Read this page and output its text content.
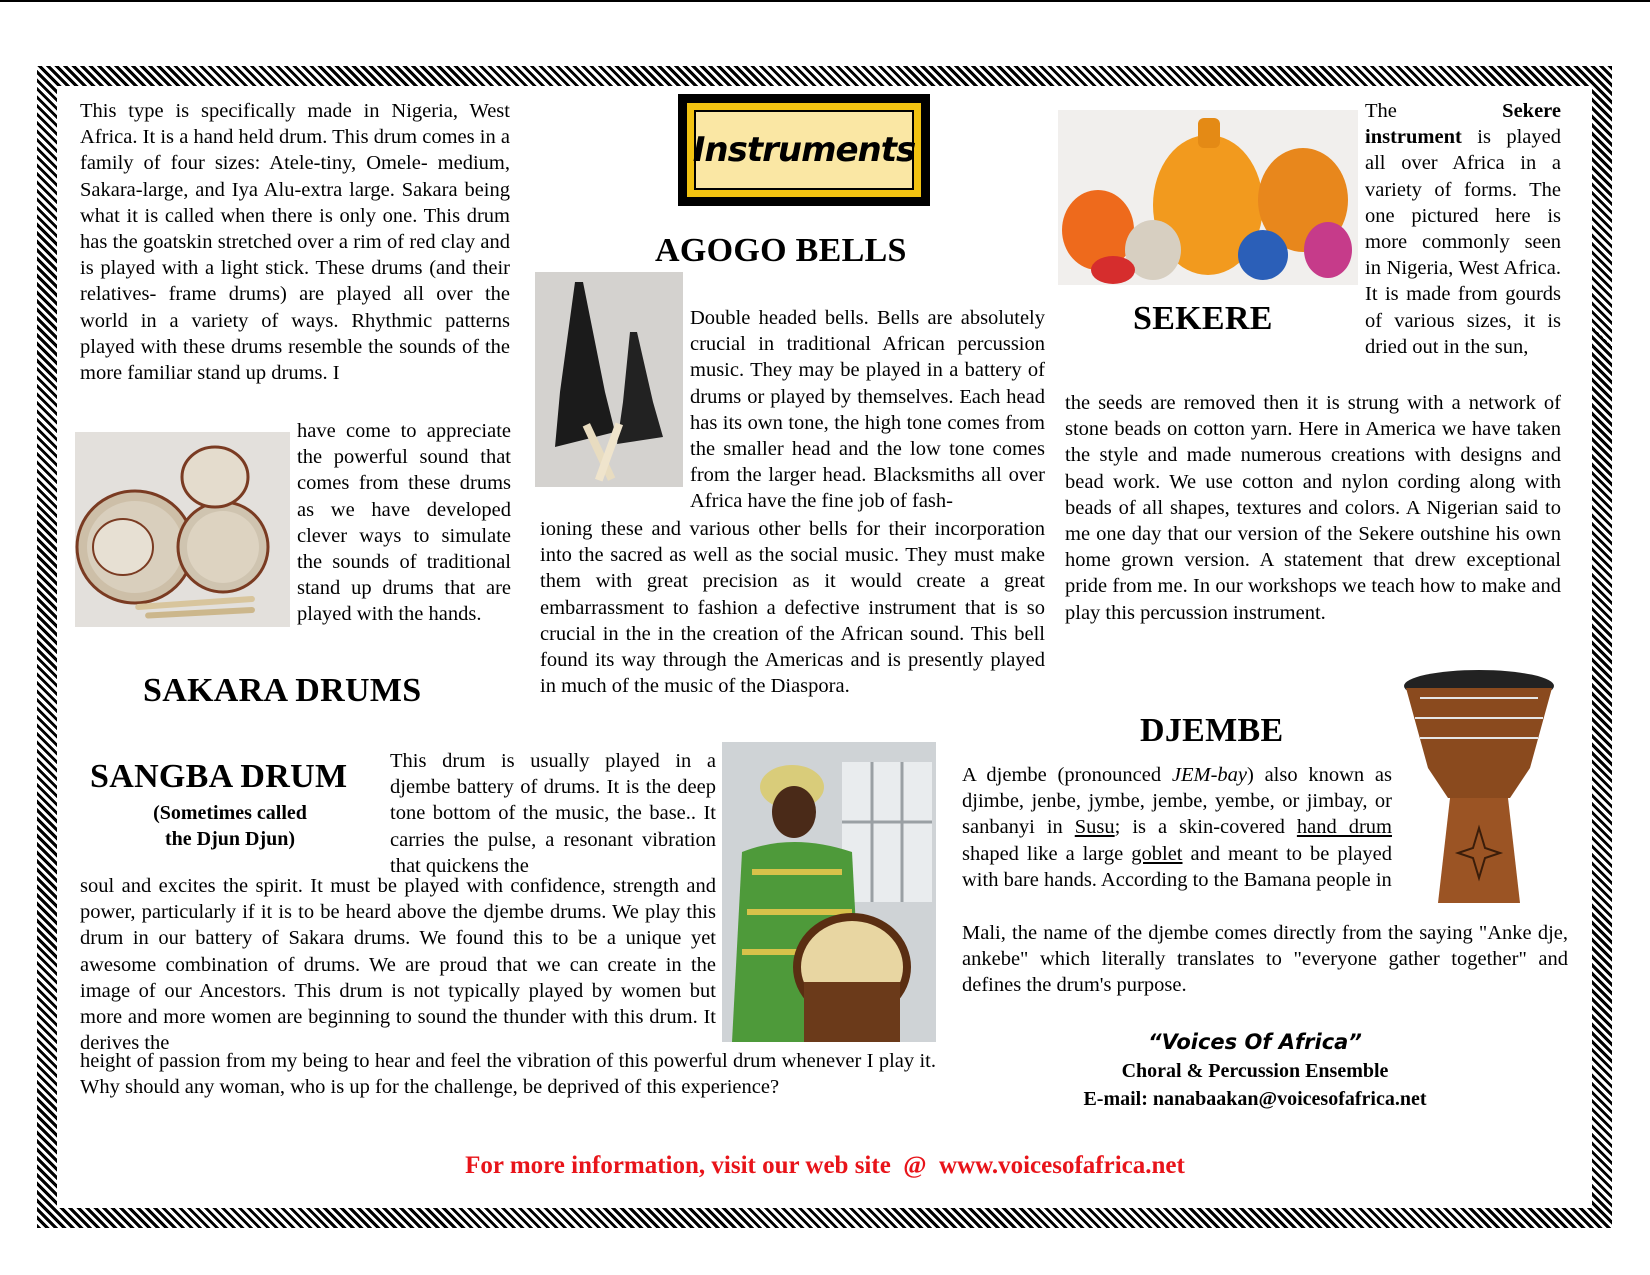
This type is specifically made in Nigeria, West Africa. It is a hand held drum. This drum comes in a family of four sizes: Atele-tiny, Omele- medium, Sakara-large, and Iya Alu-extra large. Sakara being what it is called when there is only one. This drum has the goatskin stretched over a rim of red clay and is played with a light stick. These drums (and their relatives- frame drums) are played all over the world in a variety of ways. Rhythmic patterns played with these drums resemble the sounds of the more familiar stand up drums. I

have come to appreciate the powerful sound that comes from these drums as we have developed clever ways to simulate the sounds of traditional stand up drums that are played with the hands.

SAKARA DRUMS
Instruments
AGOGO BELLS

Double headed bells. Bells are absolutely crucial in traditional African percussion music. They may be played in a battery of drums or played by themselves. Each head has its own tone, the high tone comes from the smaller head and the low tone comes from the larger head. Blacksmiths all over Africa have the fine job of fash-

ioning these and various other bells for their incorporation into the sacred as well as the social music. They must make them with great precision as it would create a great embarrassment to fashion a defective instrument that is so crucial in the in the creation of the African sound. This bell found its way through the Americas and is presently played in much of the music of the Diaspora.

The Sekere instrument is played all over Africa in a variety of forms. The one pictured here is more commonly seen in Nigeria, West Africa. It is made from gourds of various sizes, it is dried out in the sun,
SEKERE

the seeds are removed then it is strung with a network of stone beads on cotton yarn. Here in America we have taken the style and made numerous creations with designs and bead work. We use cotton and nylon cording along with beads of all shapes, textures and colors. A Nigerian said to me one day that our version of the Sekere outshine his own home grown version. A statement that drew exceptional pride from me. In our workshops we teach how to make and play this percussion instrument.

DJEMBE
A djembe (pronounced JEM-bay) also known as djimbe, jenbe, jymbe, jembe, yembe, or jimbay, or sanbanyi in Susu; is a skin-covered hand drum shaped like a large goblet and meant to be played with bare hands. According to the Bamana people in

Mali, the name of the djembe comes directly from the saying "Anke dje, ankebe" which literally translates to "everyone gather together" and defines the drum's purpose.

SANGBA DRUM
(Sometimes called
the Djun Djun)

This drum is usually played in a djembe battery of drums. It is the deep tone bottom of the music, the base.. It carries the pulse, a resonant vibration that quickens the

soul and excites the spirit. It must be played with confidence, strength and power, particularly if it is to be heard above the djembe drums. We play this drum in our battery of Sakara drums. We found this to be a unique yet awesome combination of drums. We are proud that we can create in the image of our Ancestors. This drum is not typically played by women but more and more women are beginning to sound the thunder with this drum. It derives the

height of passion from my being to hear and feel the vibration of this powerful drum whenever I play it. Why should any woman, who is up for the challenge, be deprived of this experience?

“Voices Of Africa”
Choral & Percussion Ensemble
E-mail: nanabaakan@voicesofafrica.net
For more information, visit our web site  @  www.voicesofafrica.net
